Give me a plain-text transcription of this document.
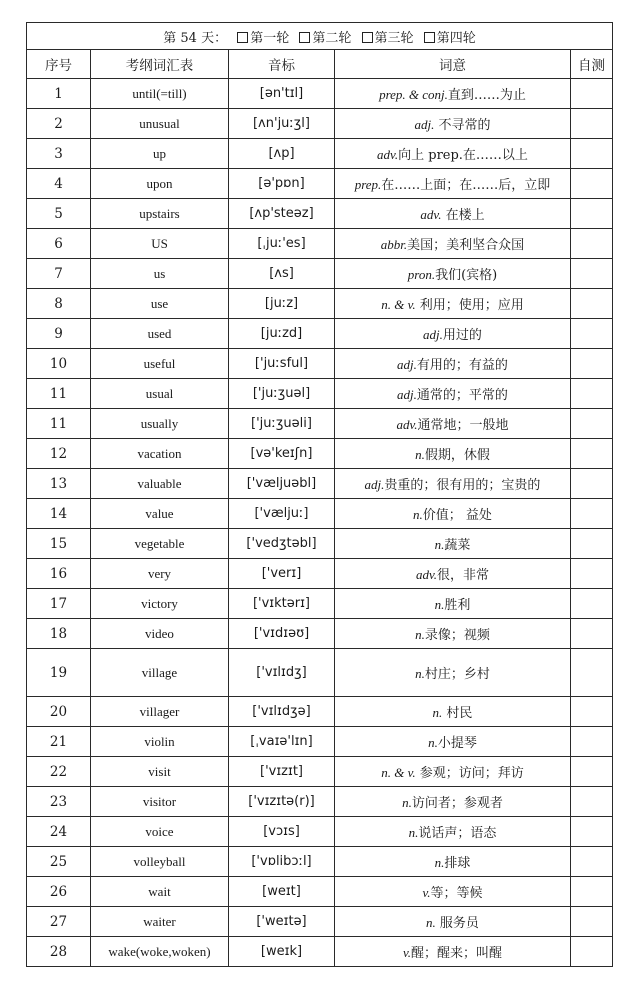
第 54 天： 第一轮 第二轮 第三轮 第四轮				
序号	考纲词汇表	音标	词意	自测
1	until(=till)	[ən'tɪl]	prep. & conj.直到……为止	
2	unusual	[ʌn'juːʒl]	adj. 不寻常的	
3	up	[ʌp]	adv.向上 prep.在……以上	
4	upon	[ə'pɒn]	prep.在……上面；在……后，立即	
5	upstairs	[ʌp'steəz]	adv. 在楼上	
6	US	[ˌjuː'es]	abbr.美国；美利坚合众国	
7	us	[ʌs]	pron.我们(宾格)	
8	use	[juːz]	n. & v. 利用；使用；应用	
9	used	[juːzd]	adj.用过的	
10	useful	['juːsful]	adj.有用的；有益的	
11	usual	['juːʒuəl]	adj.通常的；平常的	
11	usually	['juːʒuəli]	adv.通常地；一般地	
12	vacation	[və'keɪʃn]	n.假期，休假	
13	valuable	['væljuəbl]	adj.贵重的；很有用的；宝贵的	
14	value	['væljuː]	n.价值； 益处	
15	vegetable	['vedʒtəbl]	n.蔬菜	
16	very	['verɪ]	adv.很，非常	
17	victory	['vɪktərɪ]	n.胜利	
18	video	['vɪdɪəʊ]	n.录像；视频	
19	village	['vɪlɪdʒ]	n.村庄；乡村	
20	villager	['vɪlɪdʒə]	n. 村民	
21	violin	[ˌvaɪə'lɪn]	n.小提琴	
22	visit	['vɪzɪt]	n. & v. 参观；访问；拜访	
23	visitor	['vɪzɪtə(r)]	n.访问者；参观者	
24	voice	[vɔɪs]	n.说话声；语态	
25	volleyball	['vɒlibɔːl]	n.排球	
26	wait	[weɪt]	v.等；等候	
27	waiter	['weɪtə]	n. 服务员	
28	wake(woke,woken)	[weɪk]	v.醒；醒来；叫醒	
